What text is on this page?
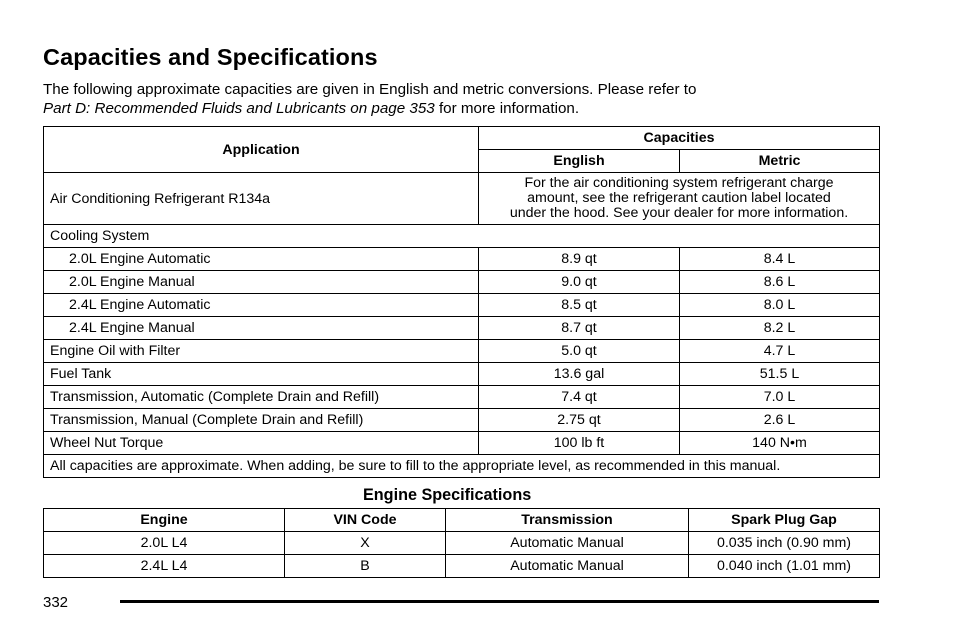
Capacities and Specifications
The following approximate capacities are given in English and metric conversions. Please refer to
Part D: Recommended Fluids and Lubricants on page 353 for more information.
Application	Capacities	
	English	Metric
Air Conditioning Refrigerant R134a	For the air conditioning system refrigerant charge
amount, see the refrigerant caution label located
under the hood. See your dealer for more information.	
Cooling System		
2.0L Engine Automatic	8.9 qt	8.4 L
2.0L Engine Manual	9.0 qt	8.6 L
2.4L Engine Automatic	8.5 qt	8.0 L
2.4L Engine Manual	8.7 qt	8.2 L
Engine Oil with Filter	5.0 qt	4.7 L
Fuel Tank	13.6 gal	51.5 L
Transmission, Automatic (Complete Drain and Refill)	7.4 qt	7.0 L
Transmission, Manual (Complete Drain and Refill)	2.75 qt	2.6 L
Wheel Nut Torque	100 lb ft	140 N•m
All capacities are approximate. When adding, be sure to fill to the appropriate level, as recommended in this manual.		
Engine Specifications
Engine	VIN Code	Transmission	Spark Plug Gap
2.0L L4	X	Automatic Manual	0.035 inch (0.90 mm)
2.4L L4	B	Automatic Manual	0.040 inch (1.01 mm)
332
